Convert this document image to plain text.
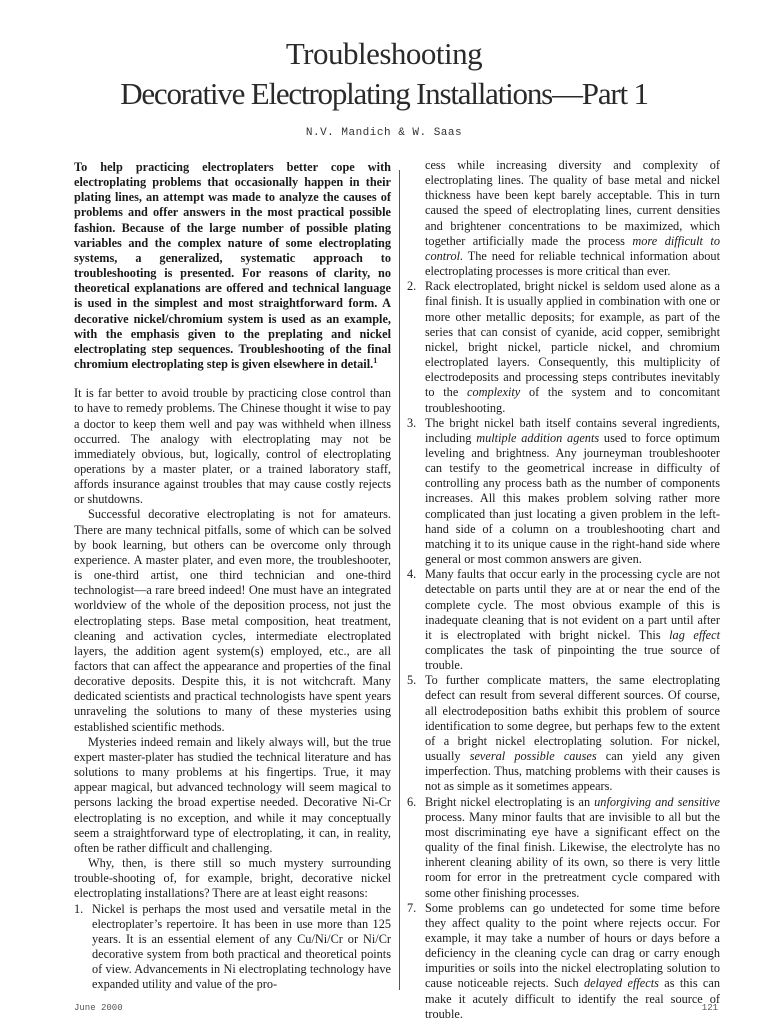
Troubleshooting
Decorative Electroplating Installations—Part 1
N.V. Mandich & W. Saas

To help practicing electroplaters better cope with electroplating problems that occasionally happen in their plating lines, an attempt was made to analyze the causes of problems and offer answers in the most practical possible fashion. Because of the large number of possible plating variables and the complex nature of some electroplating systems, a generalized, systematic approach to troubleshooting is presented. For reasons of clarity, no theoretical explanations are offered and technical language is used in the simplest and most straightforward form. A decorative nickel/chromium system is used as an example, with the emphasis given to the preplating and nickel electroplating step sequences. Troubleshooting of the final chromium electroplating step is given elsewhere in detail.$^1$

It is far better to avoid trouble by practicing close control than to have to remedy problems. The Chinese thought it wise to pay a doctor to keep them well and pay was withheld when illness occurred. The analogy with electroplating may not be immediately obvious, but, logically, control of electroplating operations by a master plater, or a trained laboratory staff, affords insurance against troubles that may cause costly rejects or shutdowns.

Successful decorative electroplating is not for amateurs. There are many technical pitfalls, some of which can be solved by book learning, but others can be overcome only through experience. A master plater, and even more, the troubleshooter, is one-third artist, one third technician and one-third technologist—a rare breed indeed! One must have an integrated worldview of the whole of the deposition process, not just the electroplating steps. Base metal composition, heat treatment, cleaning and activation cycles, intermediate electroplated layers, the addition agent system(s) employed, etc., are all factors that can affect the appearance and properties of the final decorative deposits. Despite this, it is not witchcraft. Many dedicated scientists and practical technologists have spent years unraveling the solutions to many of these mysteries using established scientific methods.

Mysteries indeed remain and likely always will, but the true expert master-plater has studied the technical literature and has solutions to many problems at his fingertips. True, it may appear magical, but advanced technology will seem magical to persons lacking the broad expertise needed. Decorative Ni-Cr electroplating is no exception, and while it may conceptually seem a straightforward type of electroplating, it can, in reality, often be rather difficult and challenging.

Why, then, is there still so much mystery surrounding trouble-shooting of, for example, bright, decorative nickel electroplating installations? There are at least eight reasons:

1. Nickel is perhaps the most used and versatile metal in the electroplater’s repertoire. It has been in use more than 125 years. It is an essential element of any Cu/Ni/Cr or Ni/Cr decorative system from both practical and theoretical points of view. Advancements in Ni electroplating technology have expanded utility and value of the pro-

cess while increasing diversity and complexity of electroplating lines. The quality of base metal and nickel thickness have been kept barely acceptable. This in turn caused the speed of electroplating lines, current densities and brightener concentrations to be maximized, which together artificially made the process more difficult to control. The need for reliable technical information about electroplating processes is more critical than ever.

2. Rack electroplated, bright nickel is seldom used alone as a final finish. It is usually applied in combination with one or more other metallic deposits; for example, as part of the series that can consist of cyanide, acid copper, semibright nickel, bright nickel, particle nickel, and chromium electroplated layers. Consequently, this multiplicity of electrodeposits and processing steps contributes inevitably to the complexity of the system and to concomitant troubleshooting.
3. The bright nickel bath itself contains several ingredients, including multiple addition agents used to force optimum leveling and brightness. Any journeyman troubleshooter can testify to the geometrical increase in difficulty of controlling any process bath as the number of components increases. All this makes problem solving rather more complicated than just locating a given problem in the left-hand side of a column on a troubleshooting chart and matching it to its unique cause in the right-hand side where general or most common answers are given.
4. Many faults that occur early in the processing cycle are not detectable on parts until they are at or near the end of the complete cycle. The most obvious example of this is inadequate cleaning that is not evident on a part until after it is electroplated with bright nickel. This lag effect complicates the task of pinpointing the true source of trouble.
5. To further complicate matters, the same electroplating defect can result from several different sources. Of course, all electrodeposition baths exhibit this problem of source identification to some degree, but perhaps few to the extent of a bright nickel electroplating solution. For nickel, usually several possible causes can yield any given imperfection. Thus, matching problems with their causes is not as simple as it sometimes appears.
6. Bright nickel electroplating is an unforgiving and sensitive process. Many minor faults that are invisible to all but the most discriminating eye have a significant effect on the quality of the final finish. Likewise, the electrolyte has no inherent cleaning ability of its own, so there is very little room for error in the pretreatment cycle compared with some other finishing processes.
7. Some problems can go undetected for some time before they affect quality to the point where rejects occur. For example, it may take a number of hours or days before a deficiency in the cleaning cycle can drag or carry enough impurities or soils into the nickel electroplating solution to cause noticeable rejects. Such delayed effects as this can make it acutely difficult to identify the real source of trouble.
June 2000	121
